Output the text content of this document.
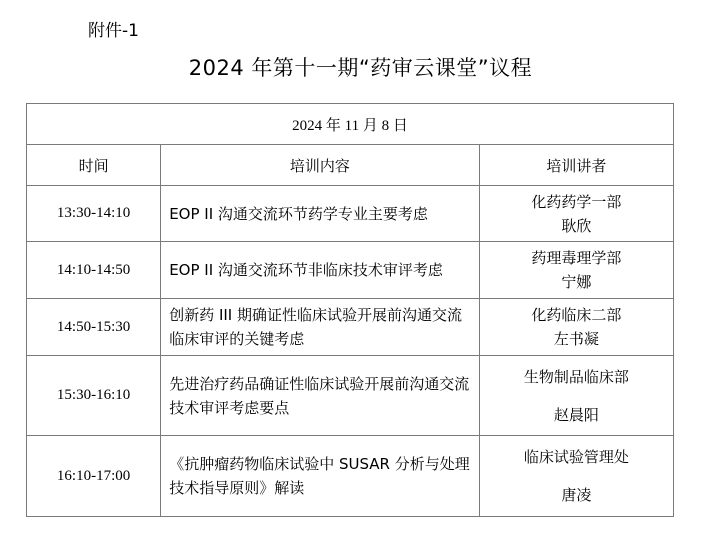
附件-1
2024 年第十一期“药审云课堂”议程
2024 年 11 月 8 日		
时间	培训内容	培训讲者
13:30-14:10	EOP II 沟通交流环节药学专业主要考虑	化药药学一部
耿欣

14:10-14:50	EOP II 沟通交流环节非临床技术审评考虑	药理毒理学部
宁娜

14:50-15:30	创新药 III 期确证性临床试验开展前沟通交流临床审评的关键考虑	化药临床二部
左书凝

15:30-16:10	先进治疗药品确证性临床试验开展前沟通交流技术审评考虑要点	生物制品临床部
赵晨阳

16:10-17:00	《抗肿瘤药物临床试验中 SUSAR 分析与处理技术指导原则》解读	临床试验管理处
唐凌
